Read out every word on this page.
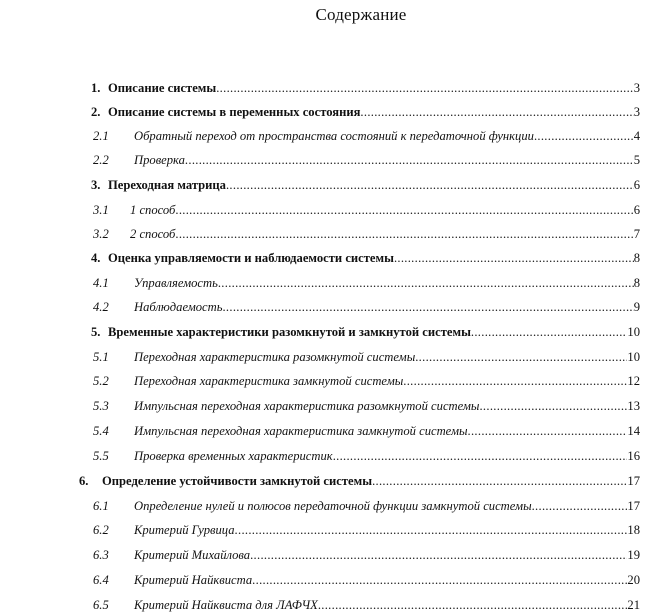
Содержание
1. Описание системы .....	3
2. Описание системы в переменных состояния .....	3
2.1 Обратный переход от пространства состояний к передаточной функции .....	4
2.2 Проверка .....	5
3. Переходная матрица .....	6
3.1 1 способ .....	6
3.2 2 способ .....	7
4. Оценка управляемости и наблюдаемости системы .....	8
4.1 Управляемость .....	8
4.2 Наблюдаемость .....	9
5. Временные характеристики разомкнутой и замкнутой системы .....	10
5.1 Переходная характеристика разомкнутой системы .....	10
5.2 Переходная характеристика замкнутой системы .....	12
5.3 Импульсная переходная характеристика разомкнутой системы .....	13
5.4 Импульсная переходная характеристика замкнутой системы .....	14
5.5 Проверка временных характеристик .....	16
6. Определение устойчивости замкнутой системы .....	17
6.1 Определение нулей и полюсов передаточной функции замкнутой системы .....	17
6.2 Критерий Гурвица .....	18
6.3 Критерий Михайлова .....	19
6.4 Критерий Найквиста .....	20
6.5 Критерий Найквиста для ЛАФЧХ .....	21
